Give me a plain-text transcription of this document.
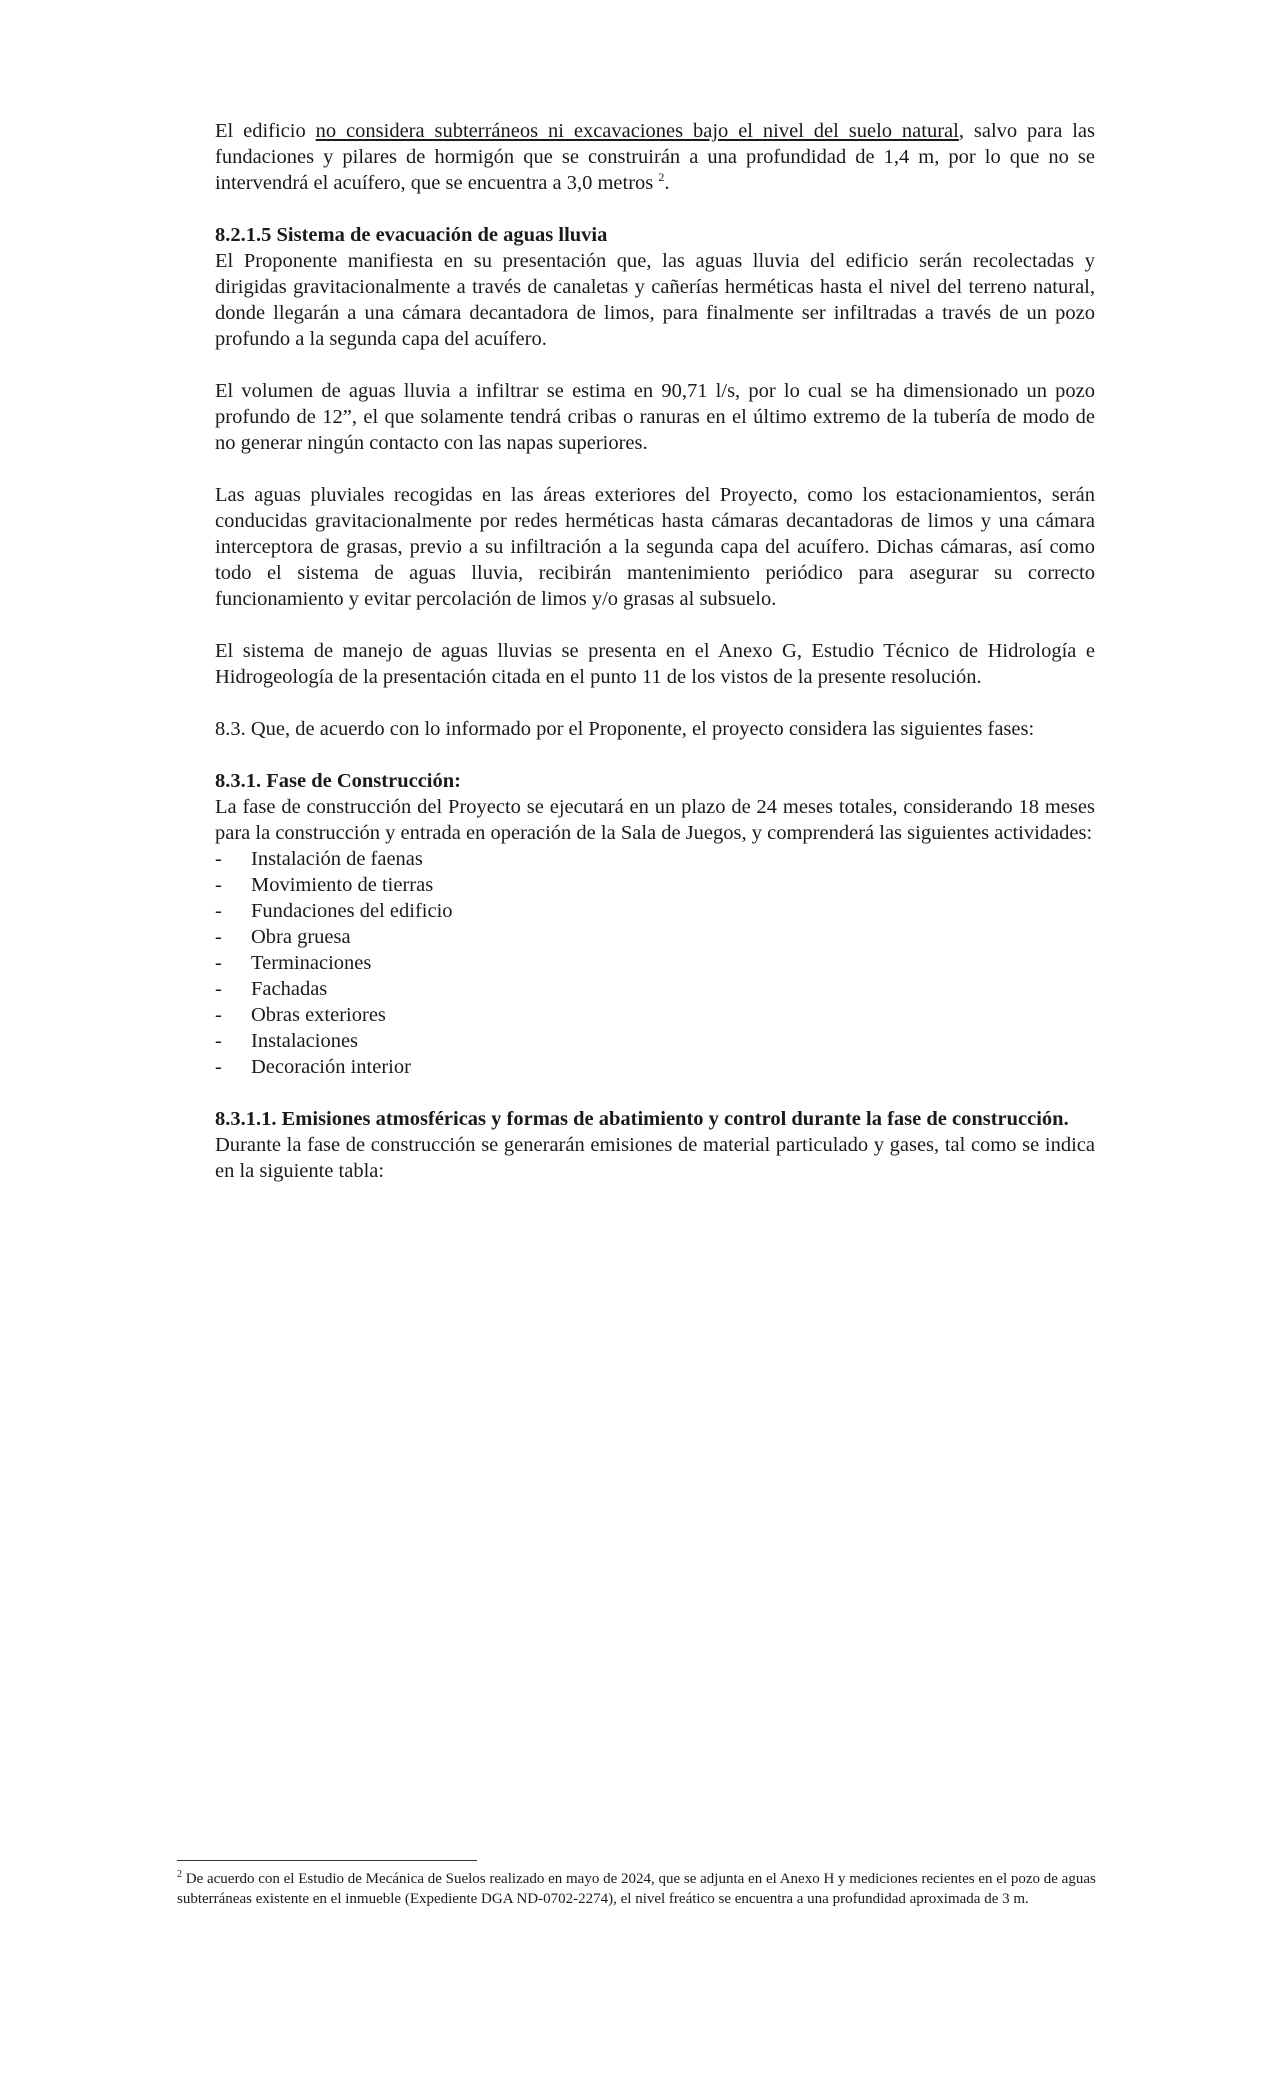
El edificio no considera subterráneos ni excavaciones bajo el nivel del suelo natural, salvo para las fundaciones y pilares de hormigón que se construirán a una profundidad de 1,4 m, por lo que no se intervendrá el acuífero, que se encuentra a 3,0 metros $^2$.

8.2.1.5 Sistema de evacuación de aguas lluvia

El Proponente manifiesta en su presentación que, las aguas lluvia del edificio serán recolectadas y dirigidas gravitacionalmente a través de canaletas y cañerías herméticas hasta el nivel del terreno natural, donde llegarán a una cámara decantadora de limos, para finalmente ser infiltradas a través de un pozo profundo a la segunda capa del acuífero.

El volumen de aguas lluvia a infiltrar se estima en 90,71 l/s, por lo cual se ha dimensionado un pozo profundo de 12”, el que solamente tendrá cribas o ranuras en el último extremo de la tubería de modo de no generar ningún contacto con las napas superiores.

Las aguas pluviales recogidas en las áreas exteriores del Proyecto, como los estacionamientos, serán conducidas gravitacionalmente por redes herméticas hasta cámaras decantadoras de limos y una cámara interceptora de grasas, previo a su infiltración a la segunda capa del acuífero. Dichas cámaras, así como todo el sistema de aguas lluvia, recibirán mantenimiento periódico para asegurar su correcto funcionamiento y evitar percolación de limos y/o grasas al subsuelo.

El sistema de manejo de aguas lluvias se presenta en el Anexo G, Estudio Técnico de Hidrología e Hidrogeología de la presentación citada en el punto 11 de los vistos de la presente resolución.

8.3. Que, de acuerdo con lo informado por el Proponente, el proyecto considera las siguientes fases:

8.3.1. Fase de Construcción:

La fase de construcción del Proyecto se ejecutará en un plazo de 24 meses totales, considerando 18 meses para la construcción y entrada en operación de la Sala de Juegos, y comprenderá las siguientes actividades:

- Instalación de faenas
- Movimiento de tierras
- Fundaciones del edificio
- Obra gruesa
- Terminaciones
- Fachadas
- Obras exteriores
- Instalaciones
- Decoración interior

8.3.1.1. Emisiones atmosféricas y formas de abatimiento y control durante la fase de construcción.

Durante la fase de construcción se generarán emisiones de material particulado y gases, tal como se indica en la siguiente tabla:

$^2$ De acuerdo con el Estudio de Mecánica de Suelos realizado en mayo de 2024, que se adjunta en el Anexo H y mediciones recientes en el pozo de aguas subterráneas existente en el inmueble (Expediente DGA ND-0702-2274), el nivel freático se encuentra a una profundidad aproximada de 3 m.
